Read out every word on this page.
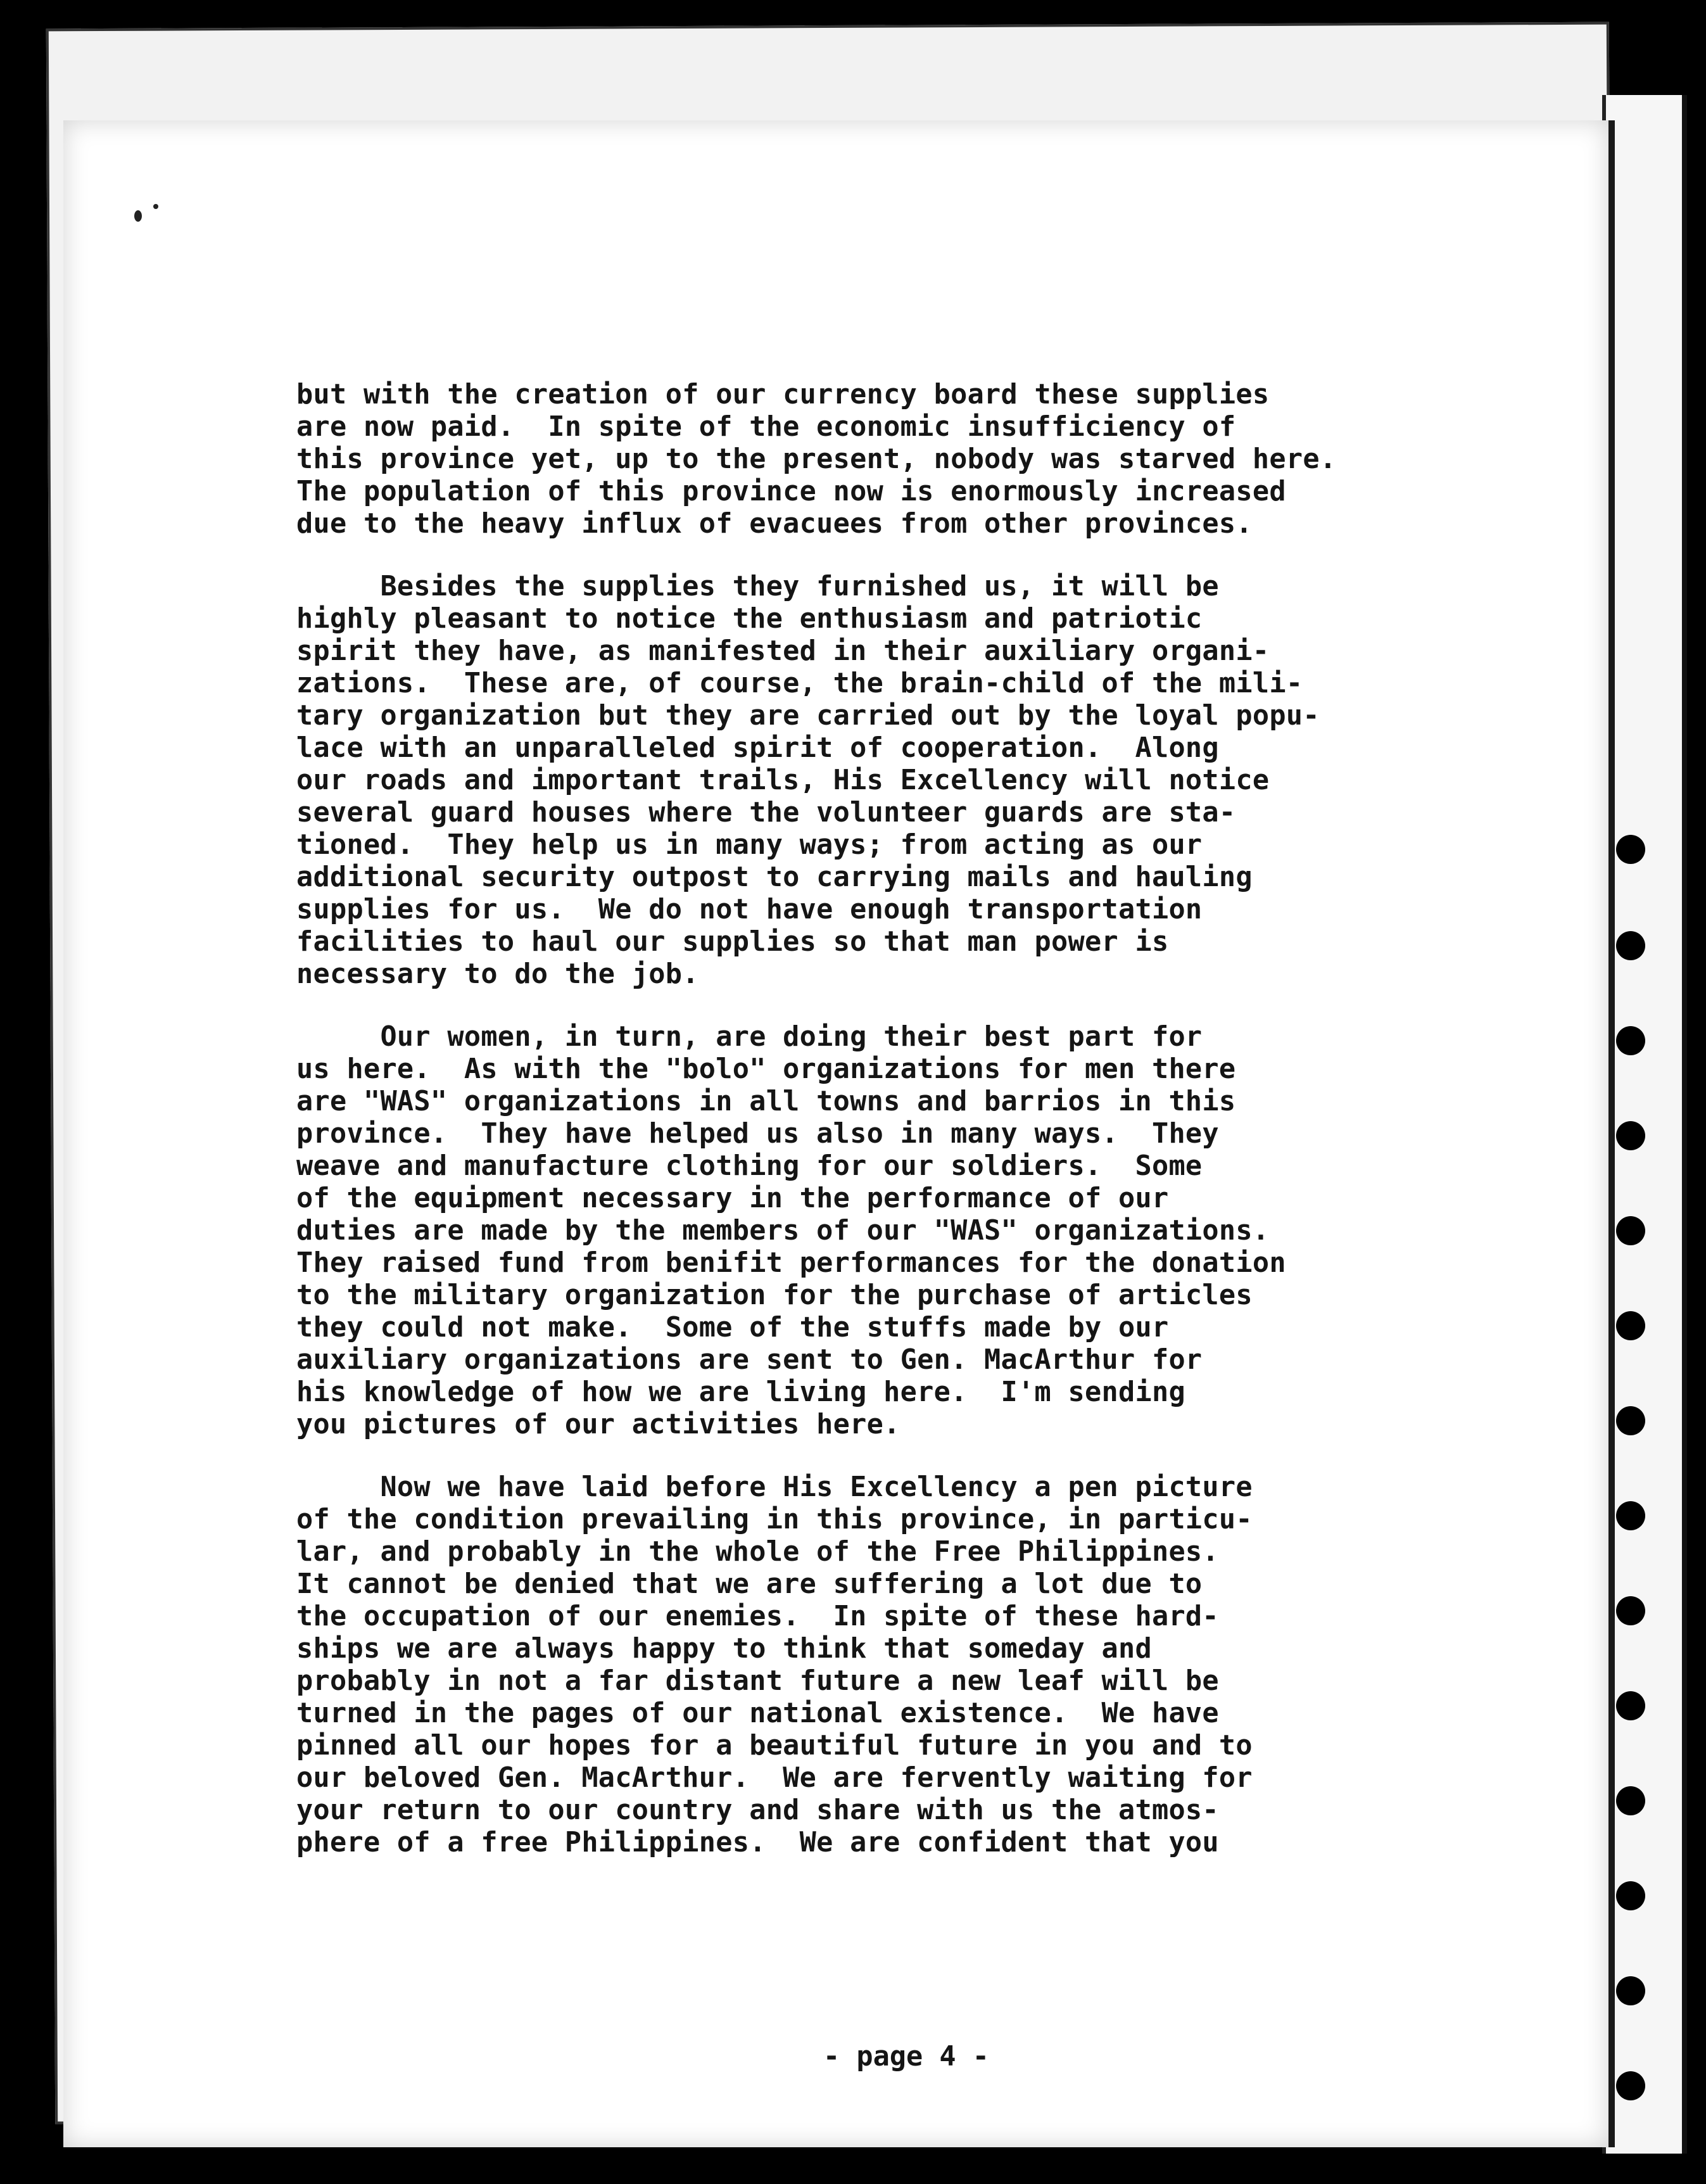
but with the creation of our currency board these supplies
are now paid.  In spite of the economic insufficiency of
this province yet, up to the present, nobody was starved here.
The population of this province now is enormously increased
due to the heavy influx of evacuees from other provinces.
Besides the supplies they furnished us, it will be
highly pleasant to notice the enthusiasm and patriotic
spirit they have, as manifested in their auxiliary organi-
zations.  These are, of course, the brain-child of the mili-
tary organization but they are carried out by the loyal popu-
lace with an unparalleled spirit of cooperation.  Along
our roads and important trails, His Excellency will notice
several guard houses where the volunteer guards are sta-
tioned.  They help us in many ways; from acting as our
additional security outpost to carrying mails and hauling
supplies for us.  We do not have enough transportation
facilities to haul our supplies so that man power is
necessary to do the job.
Our women, in turn, are doing their best part for
us here.  As with the "bolo" organizations for men there
are "WAS" organizations in all towns and barrios in this
province.  They have helped us also in many ways.  They
weave and manufacture clothing for our soldiers.  Some
of the equipment necessary in the performance of our
duties are made by the members of our "WAS" organizations.
They raised fund from benifit performances for the donation
to the military organization for the purchase of articles
they could not make.  Some of the stuffs made by our
auxiliary organizations are sent to Gen. MacArthur for
his knowledge of how we are living here.  I'm sending
you pictures of our activities here.
Now we have laid before His Excellency a pen picture
of the condition prevailing in this province, in particu-
lar, and probably in the whole of the Free Philippines.
It cannot be denied that we are suffering a lot due to
the occupation of our enemies.  In spite of these hard-
ships we are always happy to think that someday and
probably in not a far distant future a new leaf will be
turned in the pages of our national existence.  We have
pinned all our hopes for a beautiful future in you and to
our beloved Gen. MacArthur.  We are fervently waiting for
your return to our country and share with us the atmos-
phere of a free Philippines.  We are confident that you
- page 4 -
